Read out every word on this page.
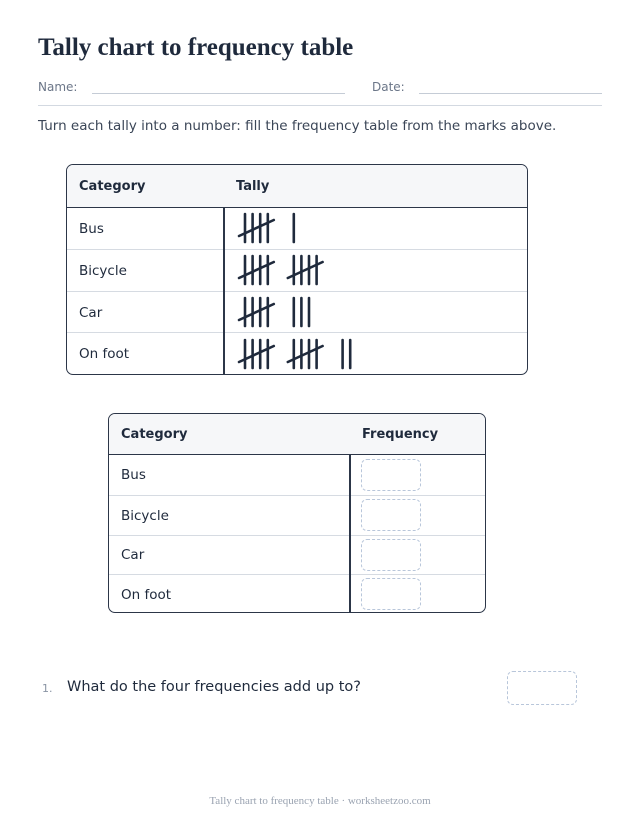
Tally chart to frequency table
Name:	Date:
Turn each tally into a number: fill the frequency table from the marks above.
Category	Tally
Bus
Bicycle
Car
On foot
Category	Frequency
Bus
Bicycle
Car
On foot
1. What do the four frequencies add up to?
Tally chart to frequency table · worksheetzoo.com
